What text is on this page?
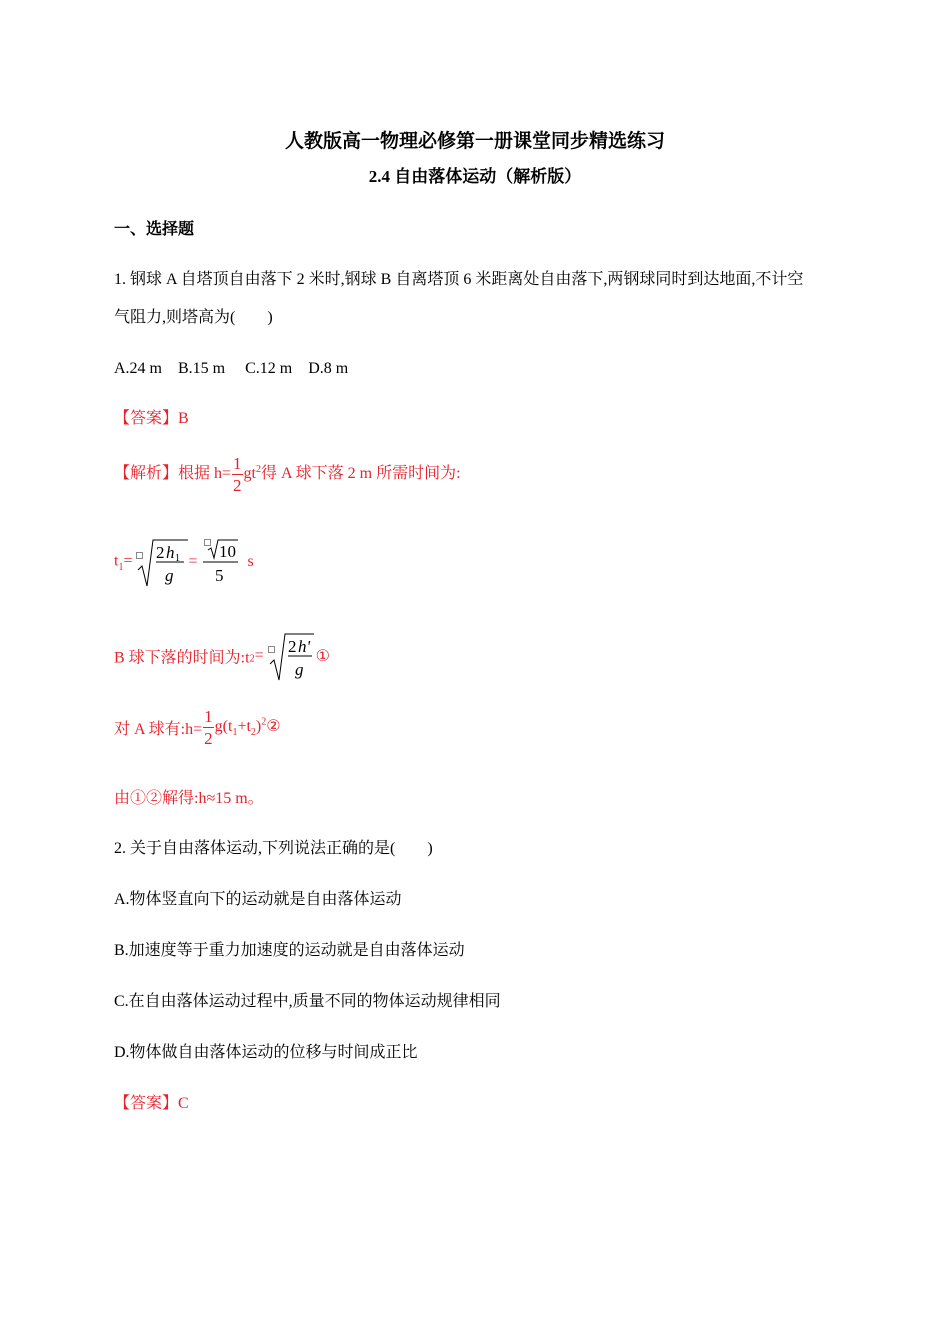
人教版高一物理必修第一册课堂同步精选练习
2.4 自由落体运动（解析版）
一、选择题
1. 钢球 A 自塔顶自由落下 2 米时,钢球 B 自离塔顶 6 米距离处自由落下,两钢球同时到达地面,不计空
气阻力,则塔高为(　　)
A.24 m　B.15 m　 C.12 m　D.8 m
【答案】B
【解析】根据 $h= \frac{1}{2} gt^2$得 A 球下落 2 m 所需时间为:
$t_1= 2$ h 1
g
=
10
5
s
B 球下落的时间为$:t_2= 2$ h'
g
①
对 A 球有:h= $\frac{1}{2}$ $g(t_1+t_2)^2②$
由①②解得:h≈15 m。
2. 关于自由落体运动,下列说法正确的是(　　)
A.物体竖直向下的运动就是自由落体运动
B.加速度等于重力加速度的运动就是自由落体运动
C.在自由落体运动过程中,质量不同的物体运动规律相同
D.物体做自由落体运动的位移与时间成正比
【答案】C
